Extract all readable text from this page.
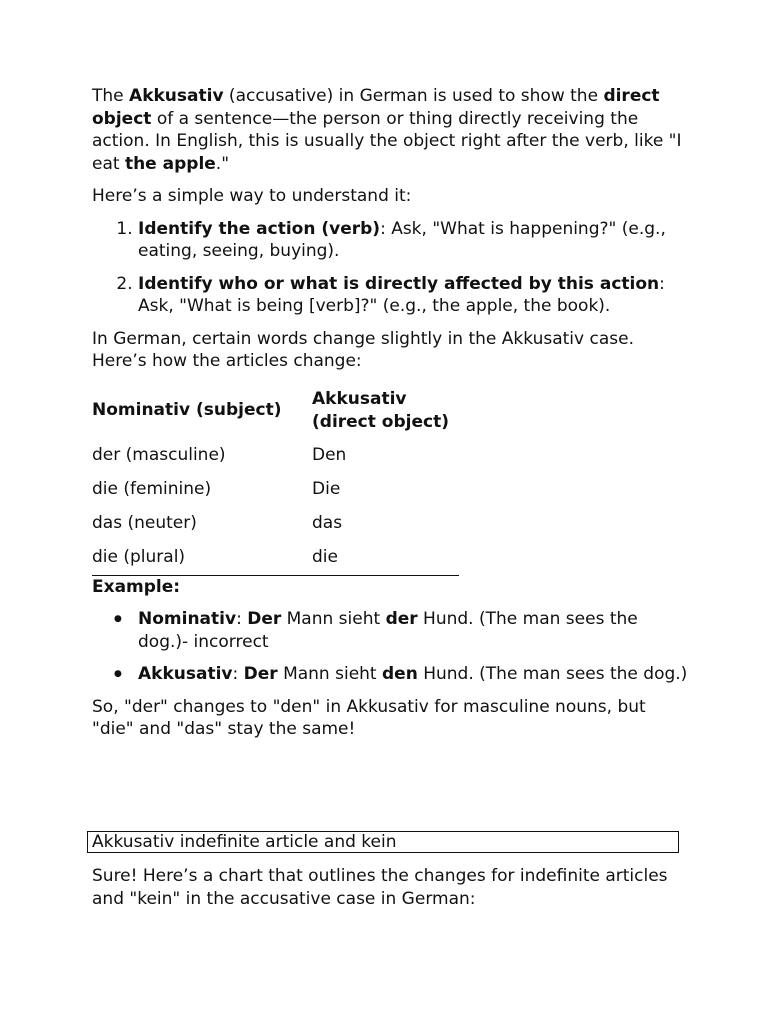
The Akkusativ (accusative) in German is used to show the direct object of a sentence—the person or thing directly receiving the action. In English, this is usually the object right after the verb, like "I eat the apple."

Here’s a simple way to understand it:

1. Identify the action (verb): Ask, "What is happening?" (e.g., eating, seeing, buying).
2. Identify who or what is directly affected by this action: Ask, "What is being [verb]?" (e.g., the apple, the book).

In German, certain words change slightly in the Akkusativ case. Here’s how the articles change:

Nominativ (subject)	Akkusativ (direct object)
der (masculine)	Den
die (feminine)	Die
das (neuter)	das
die (plural)	die

Example:

● Nominativ: Der Mann sieht der Hund. (The man sees the dog.)- incorrect
● Akkusativ: Der Mann sieht den Hund. (The man sees the dog.)

So, "der" changes to "den" in Akkusativ for masculine nouns, but "die" and "das" stay the same!

Akkusativ indefinite article and kein

Sure! Here’s a chart that outlines the changes for indefinite articles and "kein" in the accusative case in German:
